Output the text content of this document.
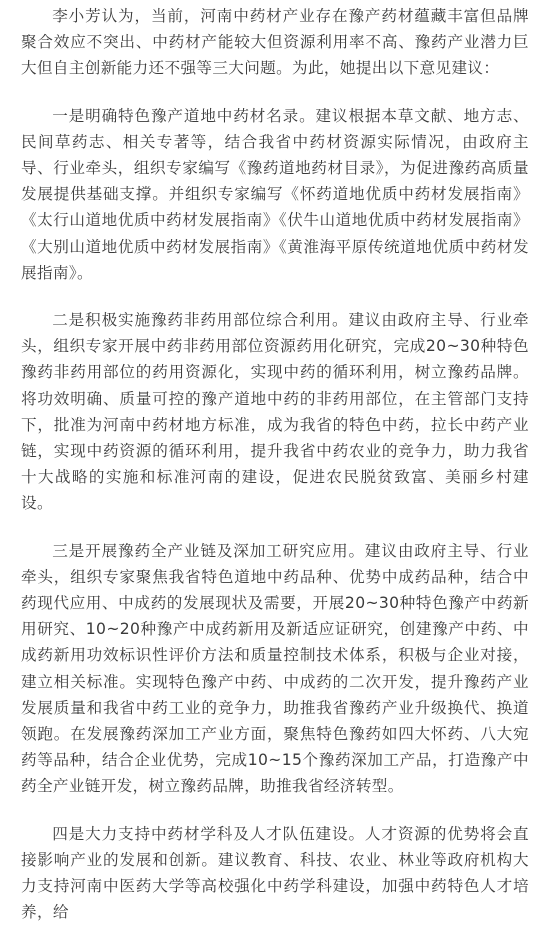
李小芳认为，当前，河南中药材产业存在豫产药材蕴藏丰富但品牌聚合效应不突出、中药材产能较大但资源利用率不高、豫药产业潜力巨大但自主创新能力还不强等三大问题。为此，她提出以下意见建议：

一是明确特色豫产道地中药材名录。建议根据本草文献、地方志、民间草药志、相关专著等，结合我省中药材资源实际情况，由政府主导、行业牵头，组织专家编写《豫药道地药材目录》，为促进豫药高质量发展提供基础支撑。并组织专家编写《怀药道地优质中药材发展指南》《太行山道地优质中药材发展指南》《伏牛山道地优质中药材发展指南》《大别山道地优质中药材发展指南》《黄淮海平原传统道地优质中药材发展指南》。

二是积极实施豫药非药用部位综合利用。建议由政府主导、行业牵头，组织专家开展中药非药用部位资源药用化研究，完成20~30种特色豫药非药用部位的药用资源化，实现中药的循环利用，树立豫药品牌。将功效明确、质量可控的豫产道地中药的非药用部位，在主管部门支持下，批准为河南中药材地方标准，成为我省的特色中药，拉长中药产业链，实现中药资源的循环利用，提升我省中药农业的竞争力，助力我省十大战略的实施和标准河南的建设，促进农民脱贫致富、美丽乡村建设。

三是开展豫药全产业链及深加工研究应用。建议由政府主导、行业牵头，组织专家聚焦我省特色道地中药品种、优势中成药品种，结合中药现代应用、中成药的发展现状及需要，开展20~30种特色豫产中药新用研究、10~20种豫产中成药新用及新适应证研究，创建豫产中药、中成药新用功效标识性评价方法和质量控制技术体系，积极与企业对接，建立相关标准。实现特色豫产中药、中成药的二次开发，提升豫药产业发展质量和我省中药工业的竞争力，助推我省豫药产业升级换代、换道领跑。在发展豫药深加工产业方面，聚焦特色豫药如四大怀药、八大宛药等品种，结合企业优势，完成10~15个豫药深加工产品，打造豫产中药全产业链开发，树立豫药品牌，助推我省经济转型。

四是大力支持中药材学科及人才队伍建设。人才资源的优势将会直接影响产业的发展和创新。建议教育、科技、农业、林业等政府机构大力支持河南中医药大学等高校强化中药学科建设，加强中药特色人才培养，给
